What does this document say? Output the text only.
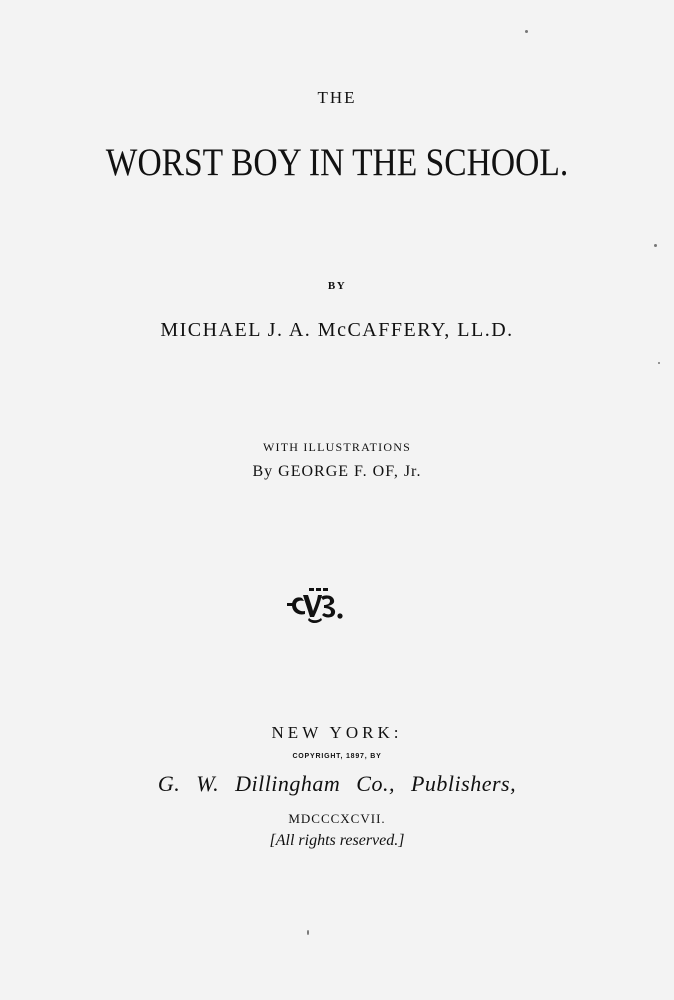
THE
WORST BOY IN THE SCHOOL.
BY
MICHAEL J. A. McCAFFERY, LL.D.
WITH ILLUSTRATIONS
By GEORGE F. OF, Jr.
NEW YORK:
COPYRIGHT, 1897, BY
G. W. Dillingham Co., Publishers,
MDCCCXCVII.
[All rights reserved.]
